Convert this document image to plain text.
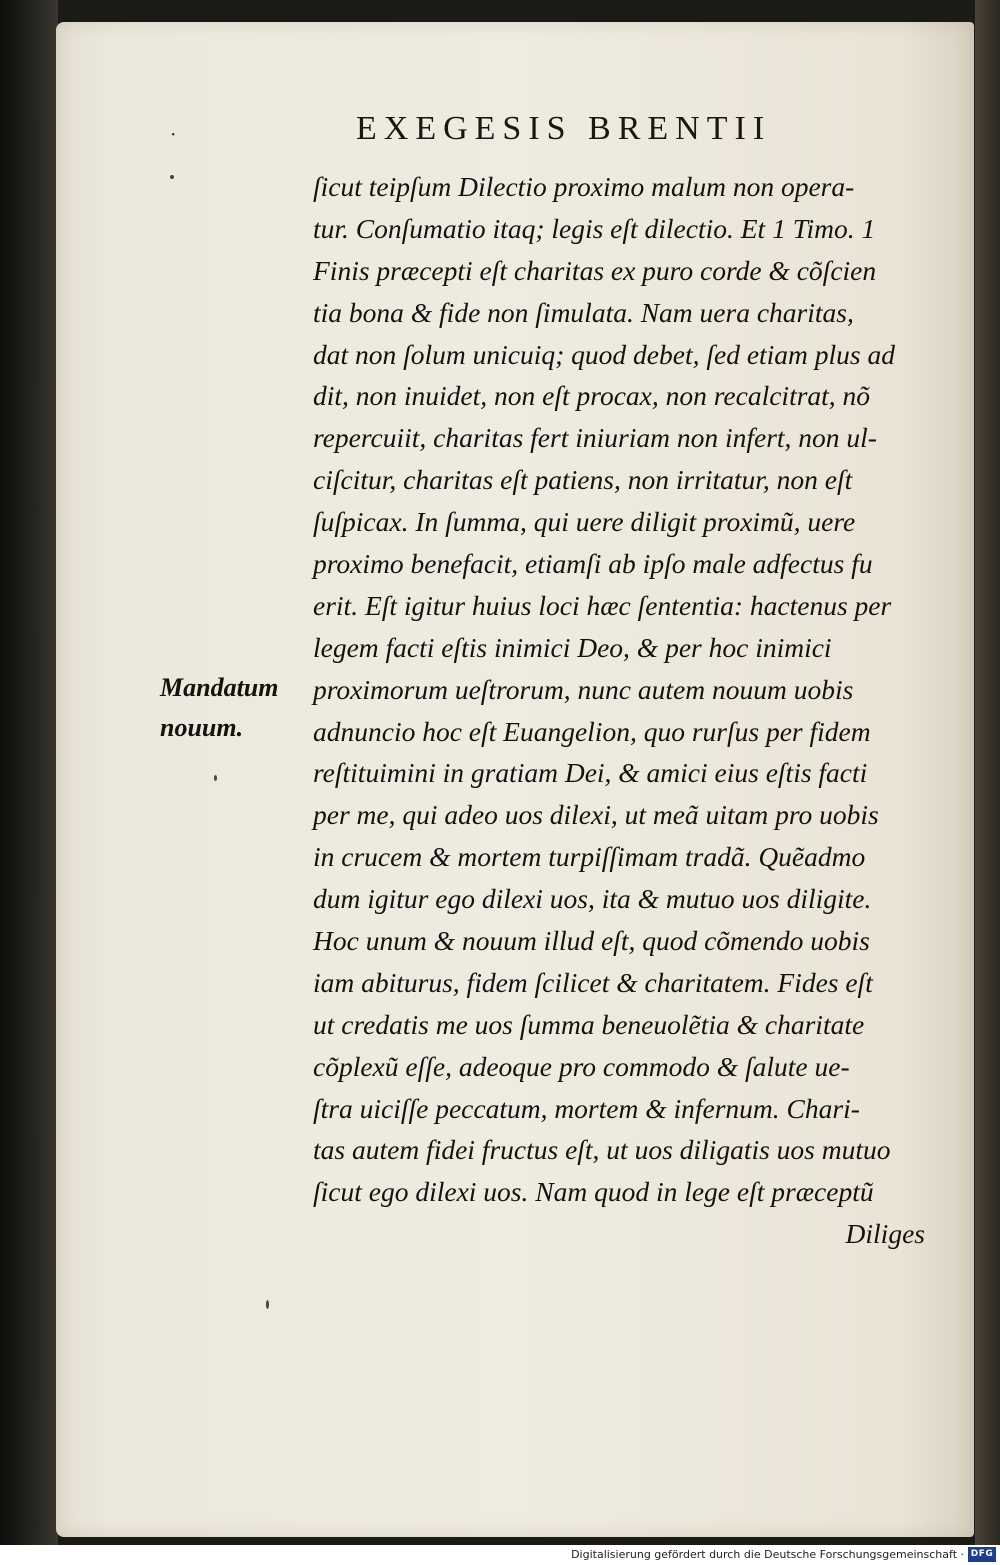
·	EXEGESIS BRENTII
Mandatum
nouum.
ſicut teipſum Dilectio proximo malum non opera-
tur. Conſumatio itaq; legis eſt dilectio. Et 1 Timo. 1
Finis præcepti eſt charitas ex puro corde & cõſcien
tia bona & fide non ſimulata. Nam uera charitas,
dat non ſolum unicuiq; quod debet, ſed etiam plus ad
dit, non inuidet, non eſt procax, non recalcitrat, nõ
repercuiit, charitas fert iniuriam non infert, non ul-
ciſcitur, charitas eſt patiens, non irritatur, non eſt
ſuſpicax. In ſumma, qui uere diligit proximũ, uere
proximo benefacit, etiamſi ab ipſo male adfectus fu
erit. Eſt igitur huius loci hæc ſententia: hactenus per
legem facti eſtis inimici Deo, & per hoc inimici
proximorum ueſtrorum, nunc autem nouum uobis
adnuncio hoc eſt Euangelion, quo rurſus per fidem
reſtituimini in gratiam Dei, & amici eius eſtis facti
per me, qui adeo uos dilexi, ut meã uitam pro uobis
in crucem & mortem turpiſſimam tradã. Quẽadmo
dum igitur ego dilexi uos, ita & mutuo uos diligite.
Hoc unum & nouum illud eſt, quod cõmendo uobis
iam abiturus, fidem ſcilicet & charitatem. Fides eſt
ut credatis me uos ſumma beneuolẽtia & charitate
cõplexũ eſſe, adeoque pro commodo & ſalute ue-
ſtra uiciſſe peccatum, mortem & infernum. Chari-
tas autem fidei fructus eſt, ut uos diligatis uos mutuo
ſicut ego dilexi uos. Nam quod in lege eſt præceptũ
Diliges
Digitalisierung gefördert durch die Deutsche Forschungsgemeinschaft · DFG
